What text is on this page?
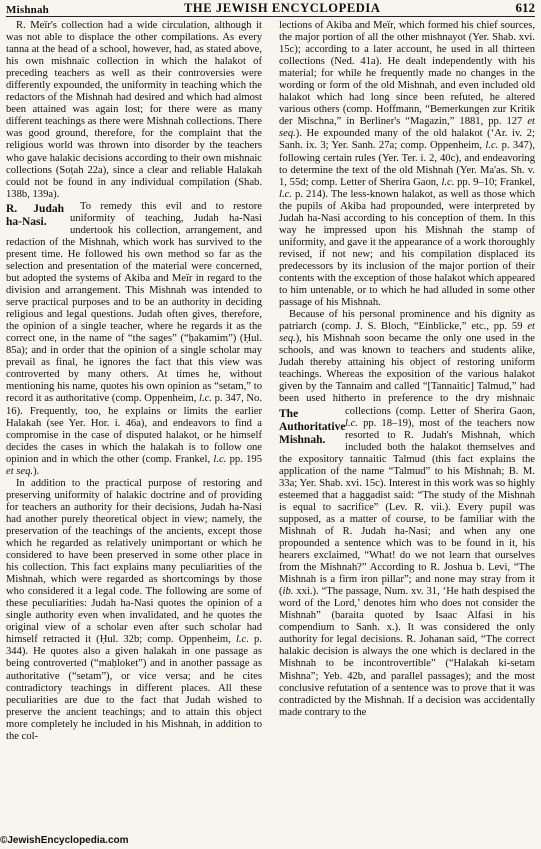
Mishnah	THE JEWISH ENCYCLOPEDIA	612

R. Meïr's collection had a wide circulation, although it was not able to displace the other compilations. As every tanna at the head of a school, however, had, as stated above, his own mishnaic collection in which the halakot of preceding teachers as well as their controversies were differently expounded, the uniformity in teaching which the redactors of the Mishnah had desired and which had almost been attained was again lost; for there were as many different teachings as there were Mishnah collections. There was good ground, therefore, for the complaint that the religious world was thrown into disorder by the teachers who gave halakic decisions according to their own mishnaic collections (Soṭah 22a), since a clear and reliable Halakah could not be found in any individual compilation (Shab. 138b, 139a).

R. Judah ha-Nasi.
To remedy this evil and to restore uniformity of teaching, Judah ha-Nasi undertook his collection, arrangement, and redaction of the Mishnah, which work has survived to the present time. He followed his own method so far as the selection and presentation of the material were concerned, but adopted the systems of Akiba and Meïr in regard to the division and arrangement. This Mishnah was intended to serve practical purposes and to be an authority in deciding religious and legal questions. Judah often gives, therefore, the opinion of a single teacher, where he regards it as the correct one, in the name of “the sages” (“ḥakamim”) (Ḥul. 85a); and in order that the opinion of a single scholar may prevail as final, he ignores the fact that this view was controverted by many others. At times he, without mentioning his name, quotes his own opinion as “setam,” to record it as authoritative (comp. Oppenheim, l.c. p. 347, No. 16). Frequently, too, he explains or limits the earlier Halakah (see Yer. Hor. i. 46a), and endeavors to find a compromise in the case of disputed halakot, or he himself decides the cases in which the halakah is to follow one opinion and in which the other (comp. Frankel, l.c. pp. 195 et seq.).

In addition to the practical purpose of restoring and preserving uniformity of halakic doctrine and of providing for teachers an authority for their decisions, Judah ha-Nasi had another purely theoretical object in view; namely, the preservation of the teachings of the ancients, except those which he regarded as relatively unimportant or which he considered to have been preserved in some other place in his collection. This fact explains many peculiarities of the Mishnah, which were regarded as shortcomings by those who considered it a legal code. The following are some of these peculiarities: Judah ha-Nasi quotes the opinion of a single authority even when invalidated, and he quotes the original view of a scholar even after such scholar had himself retracted it (Ḥul. 32b; comp. Oppenheim, l.c. p. 344). He quotes also a given halakah in one passage as being controverted (“maḥloket”) and in another passage as authoritative (“setam”), or vice versa; and he cites contradictory teachings in different places. All these peculiarities are due to the fact that Judah wished to preserve the ancient teachings; and to attain this object more completely he included in his Mishnah, in addition to the col-

lections of Akiba and Meïr, which formed his chief sources, the major portion of all the other mishnayot (Yer. Shab. xvi. 15c); according to a later account, he used in all thirteen collections (Ned. 41a). He dealt independently with his material; for while he frequently made no changes in the wording or form of the old Mishnah, and even included old halakot which had long since been refuted, he altered various others (comp. Hoffmann, “Bemerkungen zur Kritik der Mischna,” in Berliner's “Magazin,” 1881, pp. 127 et seq.). He expounded many of the old halakot (‘Ar. iv. 2; Sanh. ix. 3; Yer. Sanh. 27a; comp. Oppenheim, l.c. p. 347), following certain rules (Yer. Ter. i. 2, 40c), and endeavoring to determine the text of the old Mishnah (Yer. Ma'as. Sh. v. 1, 55d; comp. Letter of Sherira Gaon, l.c. pp. 9–10; Frankel, l.c. p. 214). The less-known halakot, as well as those which the pupils of Akiba had propounded, were interpreted by Judah ha-Nasi according to his conception of them. In this way he impressed upon his Mishnah the stamp of uniformity, and gave it the appearance of a work thoroughly revised, if not new; and his compilation displaced its predecessors by its inclusion of the major portion of their contents with the exception of those halakot which appeared to him untenable, or to which he had alluded in some other passage of his Mishnah.

Because of his personal prominence and his dignity as patriarch (comp. J. S. Bloch, “Einblicke,” etc., pp. 59 et seq.), his Mishnah soon became the only one used in the schools, and was known to teachers and students alike, Judah thereby attaining his object of restoring uniform teachings. Whereas the exposition of the various halakot given by the Tannaim and called “[Tannaitic] Talmud,” had been used hitherto in preference to the dry mishnaic collections (comp. Letter of Sherira Gaon,
The Authoritative Mishnah.
l.c. pp. 18–19), most of the teachers now resorted to R. Judah's Mishnah, which included both the halakot themselves and the expository tannaitic Talmud (this fact explains the application of the name “Talmud” to his Mishnah; B. M. 33a; Yer. Shab. xvi. 15c). Interest in this work was so highly esteemed that a haggadist said: “The study of the Mishnah is equal to sacrifice” (Lev. R. vii.). Every pupil was supposed, as a matter of course, to be familiar with the Mishnah of R. Judah ha-Nasi; and when any one propounded a sentence which was to be found in it, his hearers exclaimed, “What! do we not learn that ourselves from the Mishnah?” According to R. Joshua b. Levi, “The Mishnah is a firm iron pillar”; and none may stray from it (ib. xxi.). “The passage, Num. xv. 31, ‘He hath despised the word of the Lord,’ denotes him who does not consider the Mishnah” (baraita quoted by Isaac Alfasi in his compendium to Sanh. x.). It was considered the only authority for legal decisions. R. Johanan said, “The correct halakic decision is always the one which is declared in the Mishnah to be incontrovertible” (“Halakah ki-setam Mishna”; Yeb. 42b, and parallel passages); and the most conclusive refutation of a sentence was to prove that it was contradicted by the Mishnah. If a decision was accidentally made contrary to the

©JewishEncyclopedia.com
